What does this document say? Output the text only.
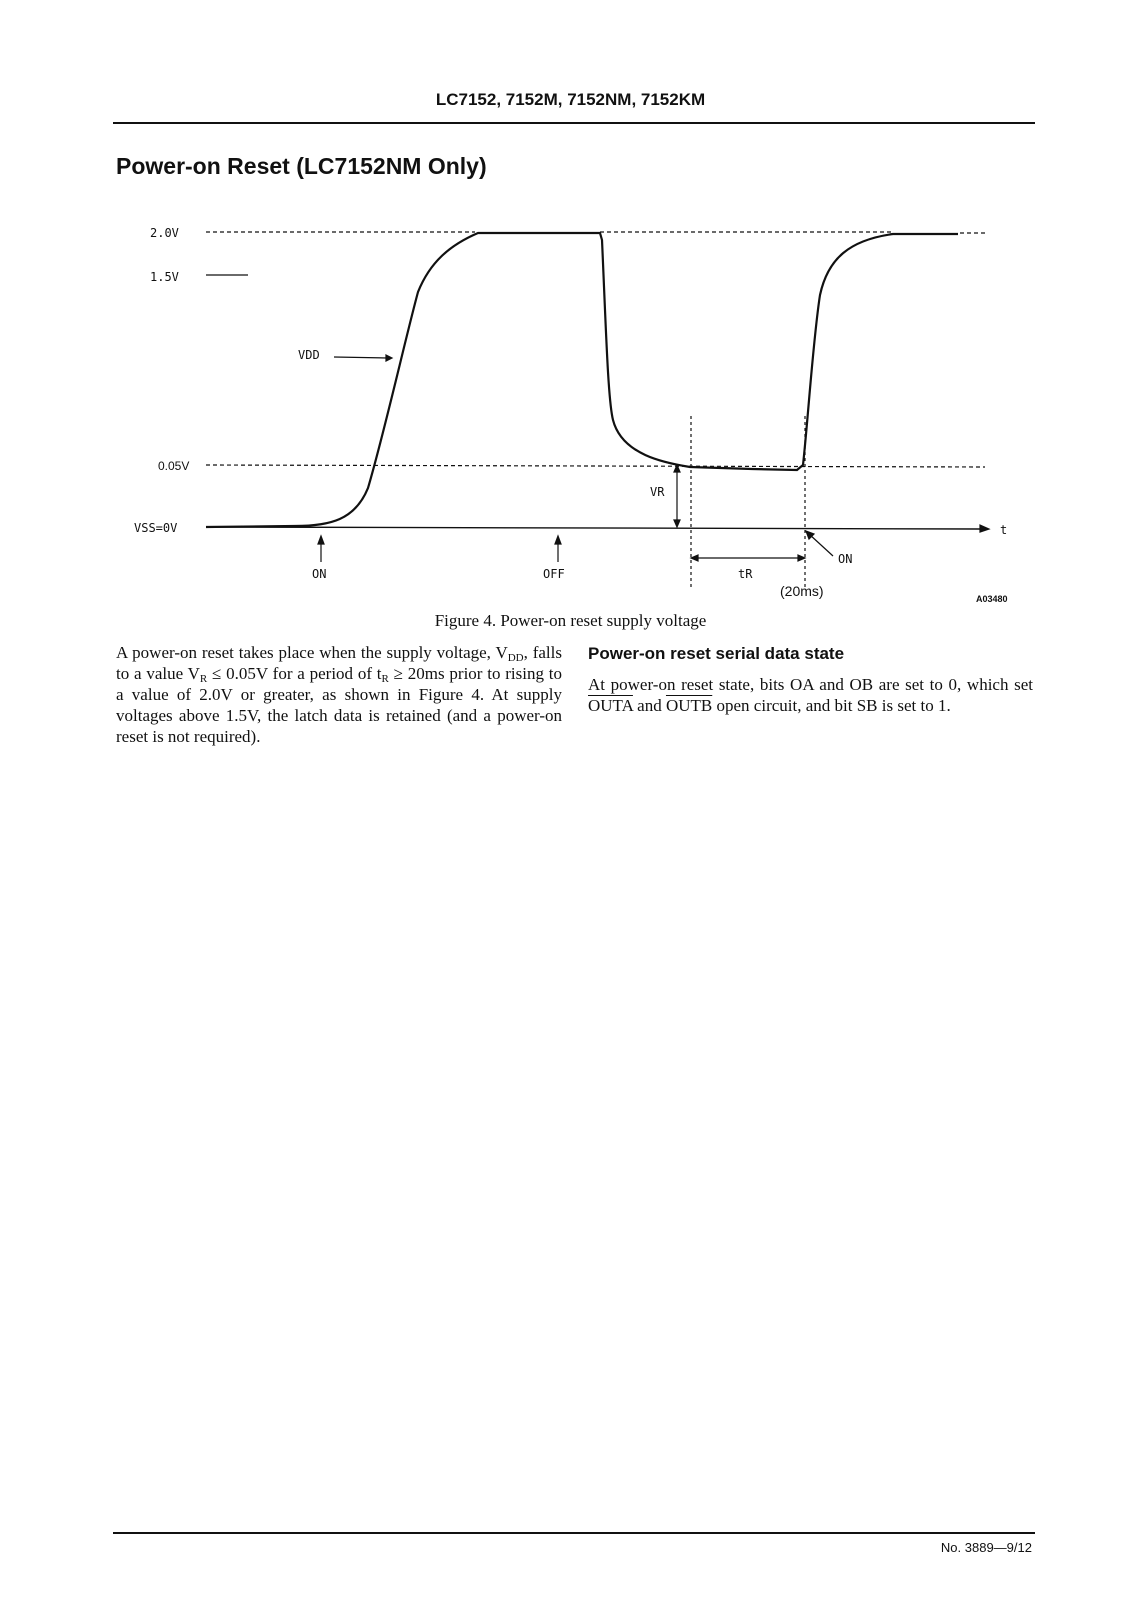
LC7152, 7152M, 7152NM, 7152KM
Power-on Reset (LC7152NM Only)
2.0V
1.5V
VSS=0V
VDD
VR
t
ON	OFF
ON
tR
0.05V
(20ms)	A03480
Figure 4. Power-on reset supply voltage
A power-on reset takes place when the supply voltage, $V_{DD}$, falls to a value $V_R \le 0.05V$ for a period of $t_R \ge 20ms$ prior to rising to a value of 2.0V or greater, as shown in Figure 4. At supply voltages above 1.5V, the latch data is retained (and a power-on reset is not required).
Power-on reset serial data state
At power-on reset state, bits OA and OB are set to 0, which set OUTA and OUTB open circuit, and bit SB is set to 1.
No. 3889—9/12
